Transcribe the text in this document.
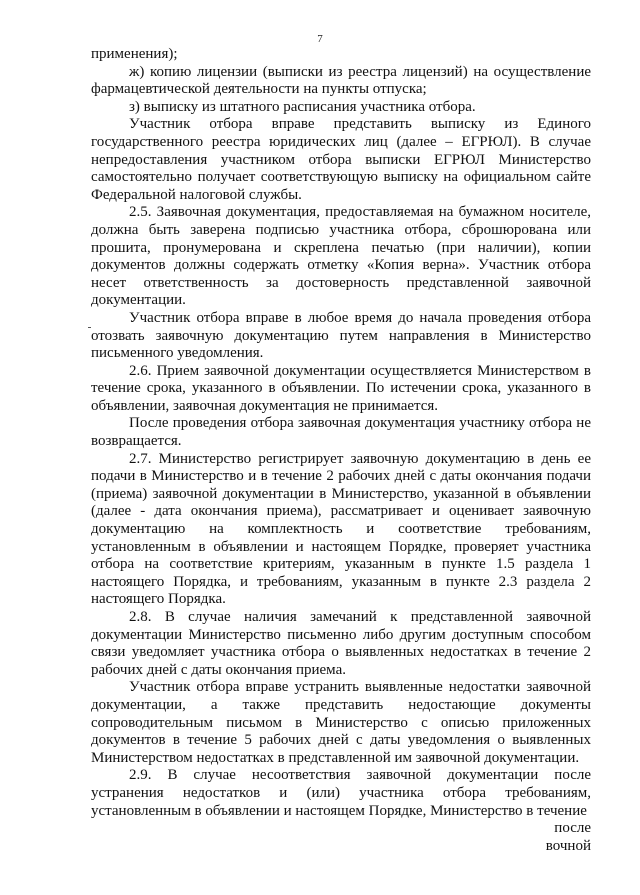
7

применения);

ж) копию лицензии (выписки из реестра лицензий) на осуществление фармацевтической деятельности на пункты отпуска;

з) выписку из штатного расписания участника отбора.

Участник отбора вправе представить выписку из Единого государственного реестра юридических лиц (далее – ЕГРЮЛ). В случае непредоставления участником отбора выписки ЕГРЮЛ Министерство самостоятельно получает соответствующую выписку на официальном сайте Федеральной налоговой службы.

2.5. Заявочная документация, предоставляемая на бумажном носителе, должна быть заверена подписью участника отбора, сброшюрована или прошита, пронумерована и скреплена печатью (при наличии), копии документов должны содержать отметку «Копия верна». Участник отбора несет ответственность за достоверность представленной заявочной документации.

Участник отбора вправе в любое время до начала проведения отбора отозвать заявочную документацию путем направления в Министерство письменного уведомления.

2.6. Прием заявочной документации осуществляется Министерством в течение срока, указанного в объявлении. По истечении срока, указанного в объявлении, заявочная документация не принимается.

После проведения отбора заявочная документация участнику отбора не возвращается.

2.7. Министерство регистрирует заявочную документацию в день ее подачи в Министерство и в течение 2 рабочих дней с даты окончания подачи (приема) заявочной документации в Министерство, указанной в объявлении (далее - дата окончания приема), рассматривает и оценивает заявочную документацию на комплектность и соответствие требованиям, установленным в объявлении и настоящем Порядке, проверяет участника отбора на соответствие критериям, указанным в пункте 1.5 раздела 1 настоящего Порядка, и требованиям, указанным в пункте 2.3 раздела 2 настоящего Порядка.

2.8. В случае наличия замечаний к представленной заявочной документации Министерство письменно либо другим доступным способом связи уведомляет участника отбора о выявленных недостатках в течение 2 рабочих дней с даты окончания приема.

Участник отбора вправе устранить выявленные недостатки заявочной документации, а также представить недостающие документы сопроводительным письмом в Министерство с описью приложенных документов в течение 5 рабочих дней с даты уведомления о выявленных Министерством недостатках в представленной им заявочной документации.

2.9. В случае несоответствия заявочной документации после устранения недостатков и (или) участника отбора требованиям, установленным в объявлении и настоящем Порядке, Министерство в течение

после

вочной
